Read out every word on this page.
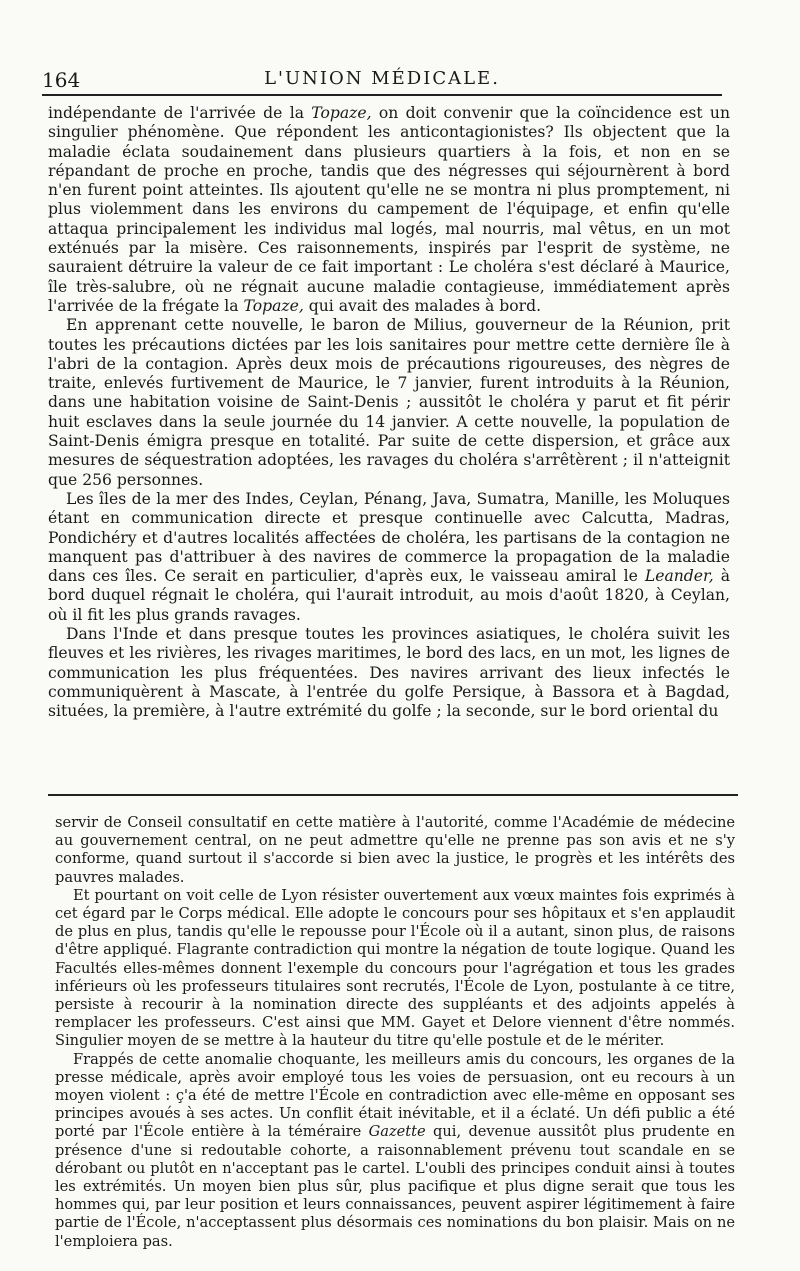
164	L'UNION MÉDICALE.

indépendante de l'arrivée de la Topaze, on doit convenir que la coïncidence est un singulier phénomène. Que répondent les anticontagionistes? Ils objectent que la maladie éclata soudainement dans plusieurs quartiers à la fois, et non en se répandant de proche en proche, tandis que des négresses qui séjournèrent à bord n'en furent point atteintes. Ils ajoutent qu'elle ne se montra ni plus promptement, ni plus violemment dans les environs du campement de l'équipage, et enfin qu'elle attaqua principalement les individus mal logés, mal nourris, mal vêtus, en un mot exténués par la misère. Ces raisonnements, inspirés par l'esprit de système, ne sauraient détruire la valeur de ce fait important : Le choléra s'est déclaré à Maurice, île très-salubre, où ne régnait aucune maladie contagieuse, immédiatement après l'arrivée de la frégate la Topaze, qui avait des malades à bord.

En apprenant cette nouvelle, le baron de Milius, gouverneur de la Réunion, prit toutes les précautions dictées par les lois sanitaires pour mettre cette dernière île à l'abri de la contagion. Après deux mois de précautions rigoureuses, des nègres de traite, enlevés furtivement de Maurice, le 7 janvier, furent introduits à la Réunion, dans une habitation voisine de Saint-Denis ; aussitôt le choléra y parut et fit périr huit esclaves dans la seule journée du 14 janvier. A cette nouvelle, la population de Saint-Denis émigra presque en totalité. Par suite de cette dispersion, et grâce aux mesures de séquestration adoptées, les ravages du choléra s'arrêtèrent ; il n'atteignit que 256 personnes.

Les îles de la mer des Indes, Ceylan, Pénang, Java, Sumatra, Manille, les Moluques étant en communication directe et presque continuelle avec Calcutta, Madras, Pondichéry et d'autres localités affectées de choléra, les partisans de la contagion ne manquent pas d'attribuer à des navires de commerce la propagation de la maladie dans ces îles. Ce serait en particulier, d'après eux, le vaisseau amiral le Leander, à bord duquel régnait le choléra, qui l'aurait introduit, au mois d'août 1820, à Ceylan, où il fit les plus grands ravages.

Dans l'Inde et dans presque toutes les provinces asiatiques, le choléra suivit les fleuves et les rivières, les rivages maritimes, le bord des lacs, en un mot, les lignes de communication les plus fréquentées. Des navires arrivant des lieux infectés le communiquèrent à Mascate, à l'entrée du golfe Persique, à Bassora et à Bagdad, situées, la première, à l'autre extrémité du golfe ; la seconde, sur le bord oriental du

servir de Conseil consultatif en cette matière à l'autorité, comme l'Académie de médecine au gouvernement central, on ne peut admettre qu'elle ne prenne pas son avis et ne s'y conforme, quand surtout il s'accorde si bien avec la justice, le progrès et les intérêts des pauvres malades.

Et pourtant on voit celle de Lyon résister ouvertement aux vœux maintes fois exprimés à cet égard par le Corps médical. Elle adopte le concours pour ses hôpitaux et s'en applaudit de plus en plus, tandis qu'elle le repousse pour l'École où il a autant, sinon plus, de raisons d'être appliqué. Flagrante contradiction qui montre la négation de toute logique. Quand les Facultés elles-mêmes donnent l'exemple du concours pour l'agrégation et tous les grades inférieurs où les professeurs titulaires sont recrutés, l'École de Lyon, postulante à ce titre, persiste à recourir à la nomination directe des suppléants et des adjoints appelés à remplacer les professeurs. C'est ainsi que MM. Gayet et Delore viennent d'être nommés. Singulier moyen de se mettre à la hauteur du titre qu'elle postule et de le mériter.

Frappés de cette anomalie choquante, les meilleurs amis du concours, les organes de la presse médicale, après avoir employé tous les voies de persuasion, ont eu recours à un moyen violent : ç'a été de mettre l'École en contradiction avec elle-même en opposant ses principes avoués à ses actes. Un conflit était inévitable, et il a éclaté. Un défi public a été porté par l'École entière à la téméraire Gazette qui, devenue aussitôt plus prudente en présence d'une si redoutable cohorte, a raisonnablement prévenu tout scandale en se dérobant ou plutôt en n'acceptant pas le cartel. L'oubli des principes conduit ainsi à toutes les extrémités. Un moyen bien plus sûr, plus pacifique et plus digne serait que tous les hommes qui, par leur position et leurs connaissances, peuvent aspirer légitimement à faire partie de l'École, n'acceptassent plus désormais ces nominations du bon plaisir. Mais on ne l'emploiera pas.
